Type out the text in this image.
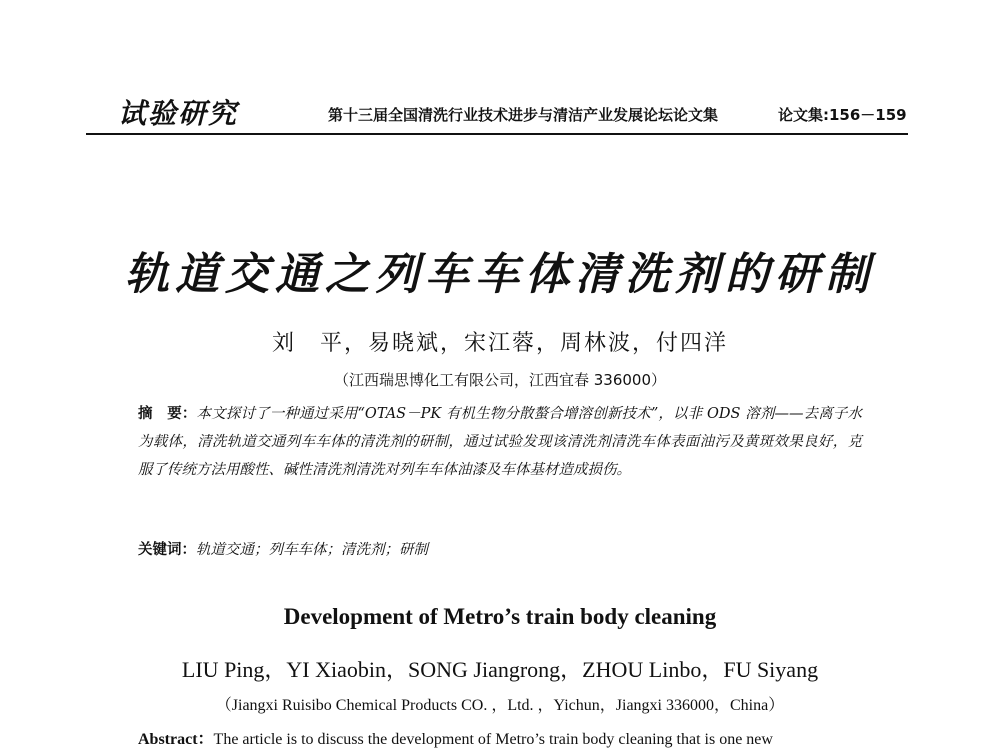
试验研究	第十三届全国清洗行业技术进步与清洁产业发展论坛论文集	论文集:156－159
轨道交通之列车车体清洗剂的研制
刘　平，易晓斌，宋江蓉，周林波，付四洋
（江西瑞思博化工有限公司，江西宜春 336000）
摘　要：本文探讨了一种通过采用“OTAS－PK 有机生物分散螯合增溶创新技术”，以非 ODS 溶剂——去离子水为载体，清洗轨道交通列车车体的清洗剂的研制，通过试验发现该清洗剂清洗车体表面油污及黄斑效果良好，克服了传统方法用酸性、碱性清洗剂清洗对列车车体油漆及车体基材造成损伤。
关键词：轨道交通；列车车体；清洗剂；研制
Development of Metro’s train body cleaning
LIU Ping，YI Xiaobin，SONG Jiangrong，ZHOU Linbo，FU Siyang
（Jiangxi Ruisibo Chemical Products CO. ，Ltd. ，Yichun，Jiangxi 336000，China）
Abstract：The article is to discuss the development of Metro’s train body cleaning that is one new
